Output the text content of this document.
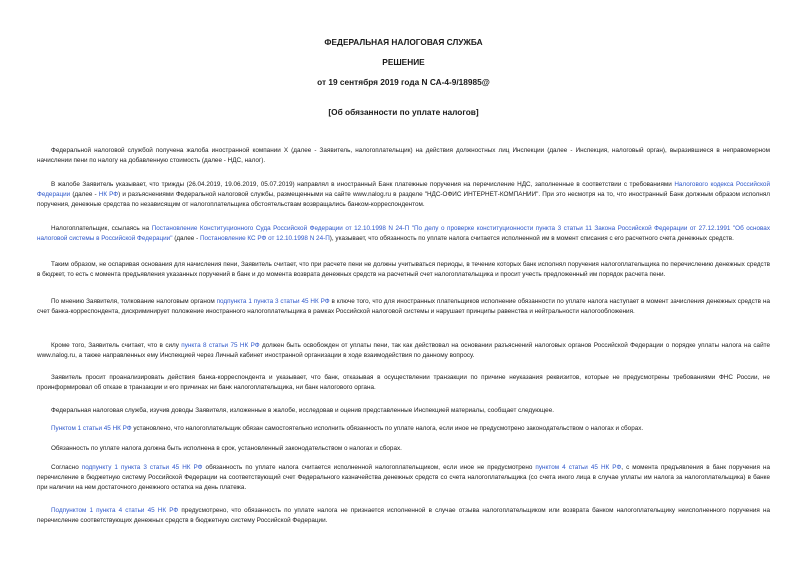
ФЕДЕРАЛЬНАЯ НАЛОГОВАЯ СЛУЖБА
РЕШЕНИЕ
от 19 сентября 2019 года N СА-4-9/18985@
[Об обязанности по уплате налогов]

Федеральной налоговой службой получена жалоба иностранной компании X (далее - Заявитель, налогоплательщик) на действия должностных лиц Инспекции (далее - Инспекция, налоговый орган), выразившиеся в неправомерном начислении пени по налогу на добавленную стоимость (далее - НДС, налог).

В жалобе Заявитель указывает, что трижды (26.04.2019, 19.06.2019, 05.07.2019) направлял в иностранный Банк платежные поручения на перечисление НДС, заполненные в соответствии с требованиями Налогового кодекса Российской Федерации (далее - НК РФ) и разъяснениями Федеральной налоговой службы, размещенными на сайте www.nalog.ru в разделе "НДС-ОФИС ИНТЕРНЕТ-КОМПАНИИ". При это несмотря на то, что иностранный Банк должным образом исполнял поручения, денежные средства по независящим от налогоплательщика обстоятельствам возвращались банком-корреспондентом.

Налогоплательщик, ссылаясь на Постановление Конституционного Суда Российской Федерации от 12.10.1998 N 24-П "По делу о проверке конституционности пункта 3 статьи 11 Закона Российской Федерации от 27.12.1991 "Об основах налоговой системы в Российской Федерации" (далее - Постановление КС РФ от 12.10.1998 N 24-П), указывает, что обязанность по уплате налога считается исполненной им в момент списания с его расчетного счета денежных средств.

Таким образом, не оспаривая основания для начисления пени, Заявитель считает, что при расчете пени не должны учитываться периоды, в течение которых банк исполнял поручения налогоплательщика по перечислению денежных средств в бюджет, то есть с момента предъявления указанных поручений в банк и до момента возврата денежных средств на расчетный счет налогоплательщика и просит учесть предложенный им порядок расчета пени.

По мнению Заявителя, толкование налоговым органом подпункта 1 пункта 3 статьи 45 НК РФ в ключе того, что для иностранных плательщиков исполнение обязанности по уплате налога наступает в момент зачисления денежных средств на счет банка-корреспондента, дискриминирует положение иностранного налогоплательщика в рамках Российской налоговой системы и нарушает принципы равенства и нейтральности налогообложения.

Кроме того, Заявитель считает, что в силу пункта 8 статьи 75 НК РФ должен быть освобожден от уплаты пени, так как действовал на основании разъяснений налоговых органов Российской Федерации о порядке уплаты налога на сайте www.nalog.ru, а также направленных ему Инспекцией через Личный кабинет иностранной организации в ходе взаимодействия по данному вопросу.

Заявитель просит проанализировать действия банка-корреспондента и указывает, что банк, отказывая в осуществлении транзакции по причине неуказания реквизитов, которые не предусмотрены требованиями ФНС России, не проинформировал об отказе в транзакции и его причинах ни банк налогоплательщика, ни банк налогового органа.

Федеральная налоговая служба, изучив доводы Заявителя, изложенные в жалобе, исследовав и оценив представленные Инспекцией материалы, сообщает следующее.

Пунктом 1 статьи 45 НК РФ установлено, что налогоплательщик обязан самостоятельно исполнить обязанность по уплате налога, если иное не предусмотрено законодательством о налогах и сборах.

Обязанность по уплате налога должна быть исполнена в срок, установленный законодательством о налогах и сборах.

Согласно подпункту 1 пункта 3 статьи 45 НК РФ обязанность по уплате налога считается исполненной налогоплательщиком, если иное не предусмотрено пунктом 4 статьи 45 НК РФ, с момента предъявления в банк поручения на перечисление в бюджетную систему Российской Федерации на соответствующий счет Федерального казначейства денежных средств со счета налогоплательщика (со счета иного лица в случае уплаты им налога за налогоплательщика) в банке при наличии на нем достаточного денежного остатка на день платежа.

Подпунктом 1 пункта 4 статьи 45 НК РФ предусмотрено, что обязанность по уплате налога не признается исполненной в случае отзыва налогоплательщиком или возврата банком налогоплательщику неисполненного поручения на перечисление соответствующих денежных средств в бюджетную систему Российской Федерации.
